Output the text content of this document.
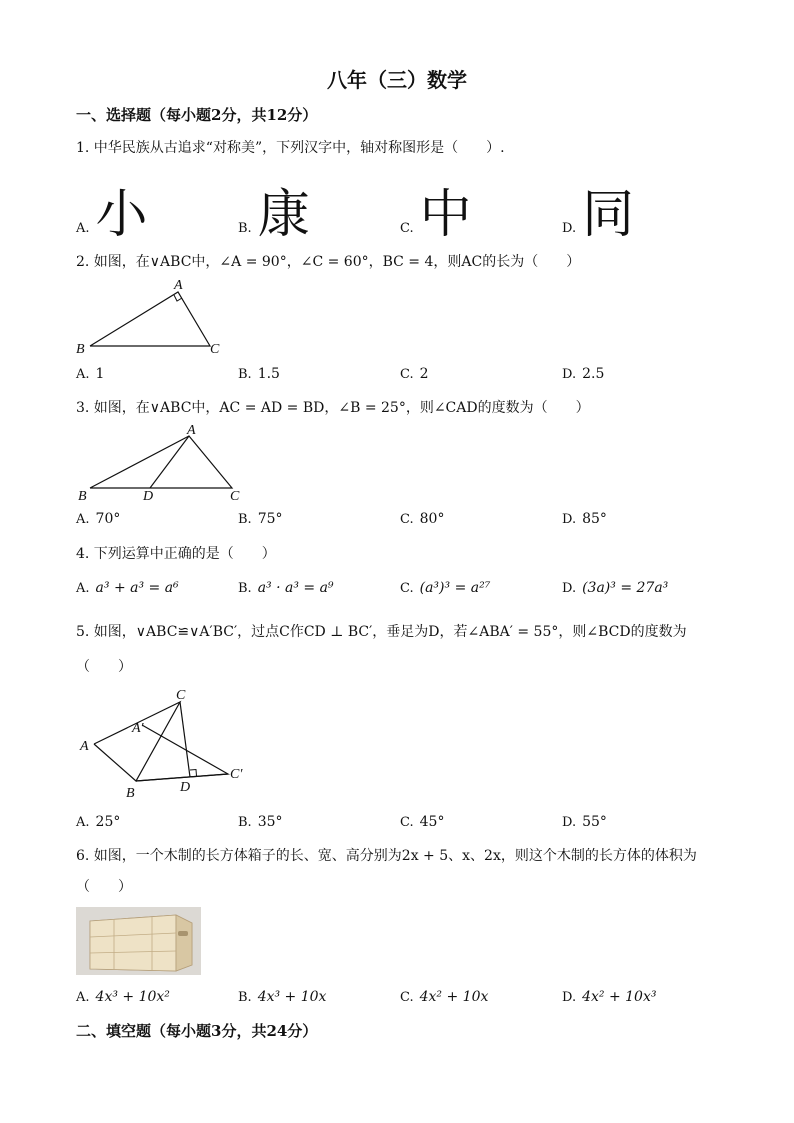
八年（三）数学
一、选择题（每小题2分，共12分）
1. 中华民族从古追求“对称美”，下列汉字中，轴对称图形是（　　）.
A. 小	B. 康	C. 中	D. 同
2. 如图，在∨ABC中，∠A = 90°，∠C = 60°，BC = 4，则AC的长为（　　）
A
B	C
A. 1	B. 1.5	C. 2	D. 2.5
3. 如图，在∨ABC中，AC = AD = BD，∠B = 25°，则∠CAD的度数为（　　）
A
B	D	C
A. 70°	B. 75°	C. 80°	D. 85°
4. 下列运算中正确的是（　　）
A. a³ + a³ = a⁶	B. a³ · a³ = a⁹	C. (a³)³ = a²⁷	D. (3a)³ = 27a³
5. 如图，∨ABC≌∨A′BC′，过点C作CD ⊥ BC′，垂足为D，若∠ABA′ = 55°，则∠BCD的度数为
（　　）
C
A′
A
B	D
C′
A. 25°	B. 35°	C. 45°	D. 55°
6. 如图，一个木制的长方体箱子的长、宽、高分别为2x + 5、x、2x，则这个木制的长方体的体积为
（　　）
A. 4x³ + 10x²	B. 4x³ + 10x	C. 4x² + 10x	D. 4x² + 10x³
二、填空题（每小题3分，共24分）
